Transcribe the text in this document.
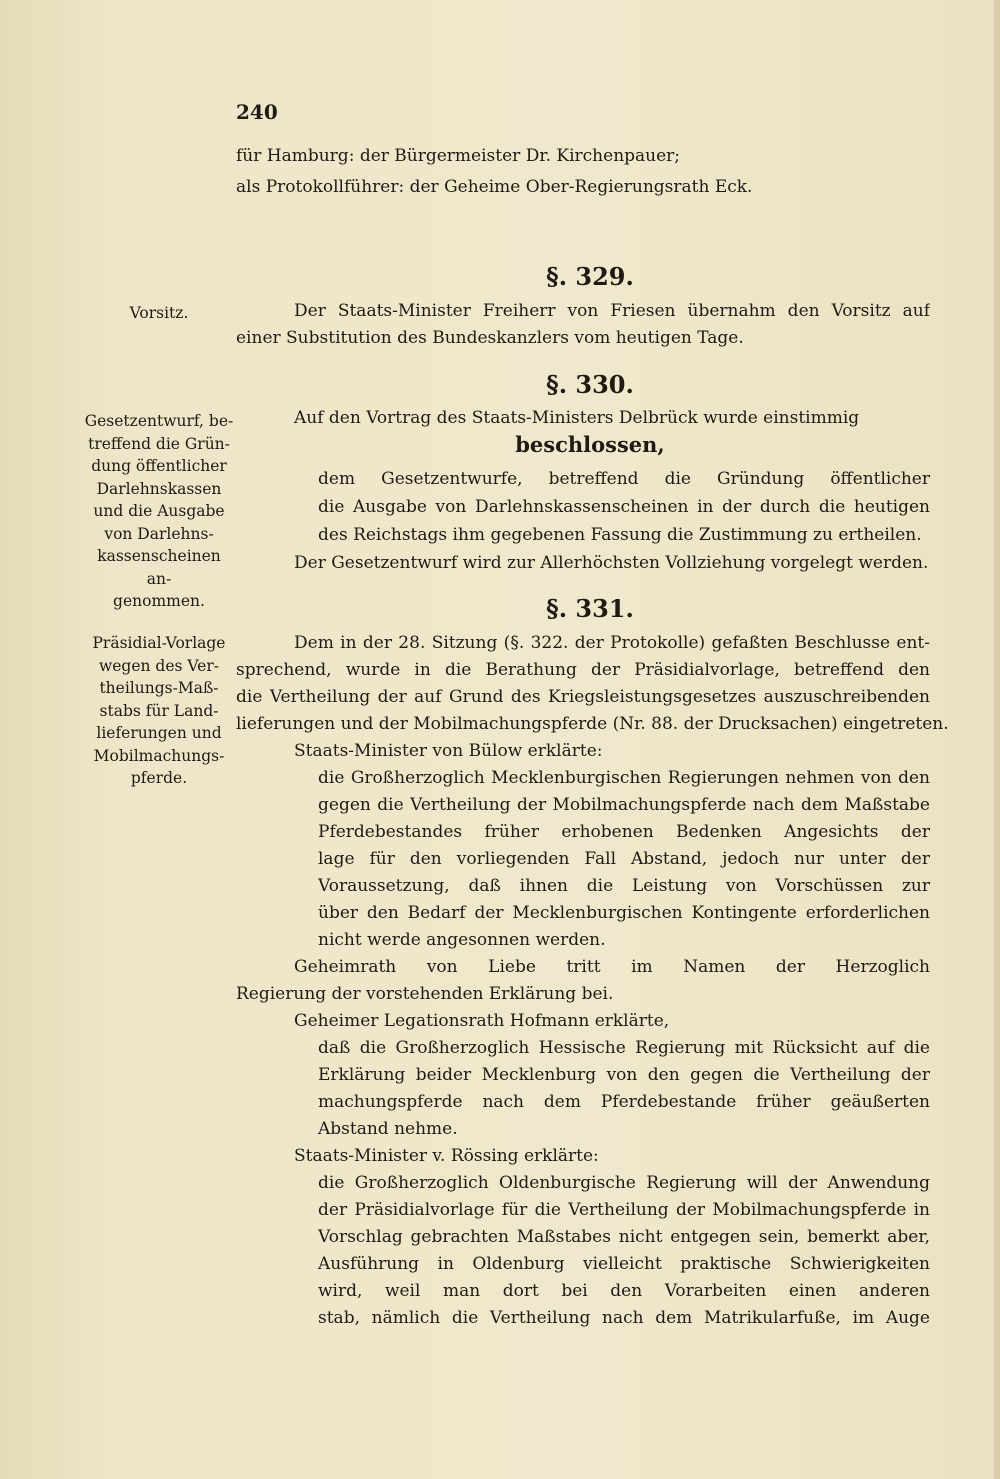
240
für Hamburg: der Bürgermeister Dr. Kirchenpauer;
als Protokollführer: der Geheime Ober-Regierungsrath Eck.
§. 329.
Vorsitz.	Der Staats-Minister Freiherr von Friesen übernahm den Vorsitz auf
einer Substitution des Bundeskanzlers vom heutigen Tage.
§. 330.
Gesetzentwurf, be-
treffend die Grün-
dung öffentlicher
Darlehnskassen
und die Ausgabe
von Darlehns-
kassenscheinen an-
genommen.
Auf den Vortrag des Staats-Ministers Delbrück wurde einstimmig
beschlossen,
dem Gesetzentwurfe, betreffend die Gründung öffentlicher
die Ausgabe von Darlehnskassenscheinen in der durch die heutigen
des Reichstags ihm gegebenen Fassung die Zustimmung zu ertheilen.
Der Gesetzentwurf wird zur Allerhöchsten Vollziehung vorgelegt werden.
§. 331.
Präsidial-Vorlage
wegen des Ver-
theilungs-Maß-
stabs für Land-
lieferungen und
Mobilmachungs-
pferde.
Dem in der 28. Sitzung (§. 322. der Protokolle) gefaßten Beschlusse ent-
sprechend, wurde in die Berathung der Präsidialvorlage, betreffend den
die Vertheilung der auf Grund des Kriegsleistungsgesetzes auszuschreibenden
lieferungen und der Mobilmachungspferde (Nr. 88. der Drucksachen) eingetreten.
Staats-Minister von Bülow erklärte:
die Großherzoglich Mecklenburgischen Regierungen nehmen von den
gegen die Vertheilung der Mobilmachungspferde nach dem Maßstabe
Pferdebestandes früher erhobenen Bedenken Angesichts der
lage für den vorliegenden Fall Abstand, jedoch nur unter der
Voraussetzung, daß ihnen die Leistung von Vorschüssen zur
über den Bedarf der Mecklenburgischen Kontingente erforderlichen
nicht werde angesonnen werden.
Geheimrath von Liebe tritt im Namen der Herzoglich
Regierung der vorstehenden Erklärung bei.
Geheimer Legationsrath Hofmann erklärte,
daß die Großherzoglich Hessische Regierung mit Rücksicht auf die
Erklärung beider Mecklenburg von den gegen die Vertheilung der
machungspferde nach dem Pferdebestande früher geäußerten
Abstand nehme.
Staats-Minister v. Rössing erklärte:
die Großherzoglich Oldenburgische Regierung will der Anwendung
der Präsidialvorlage für die Vertheilung der Mobilmachungspferde in
Vorschlag gebrachten Maßstabes nicht entgegen sein, bemerkt aber,
Ausführung in Oldenburg vielleicht praktische Schwierigkeiten
wird, weil man dort bei den Vorarbeiten einen anderen
stab, nämlich die Vertheilung nach dem Matrikularfuße, im Auge
